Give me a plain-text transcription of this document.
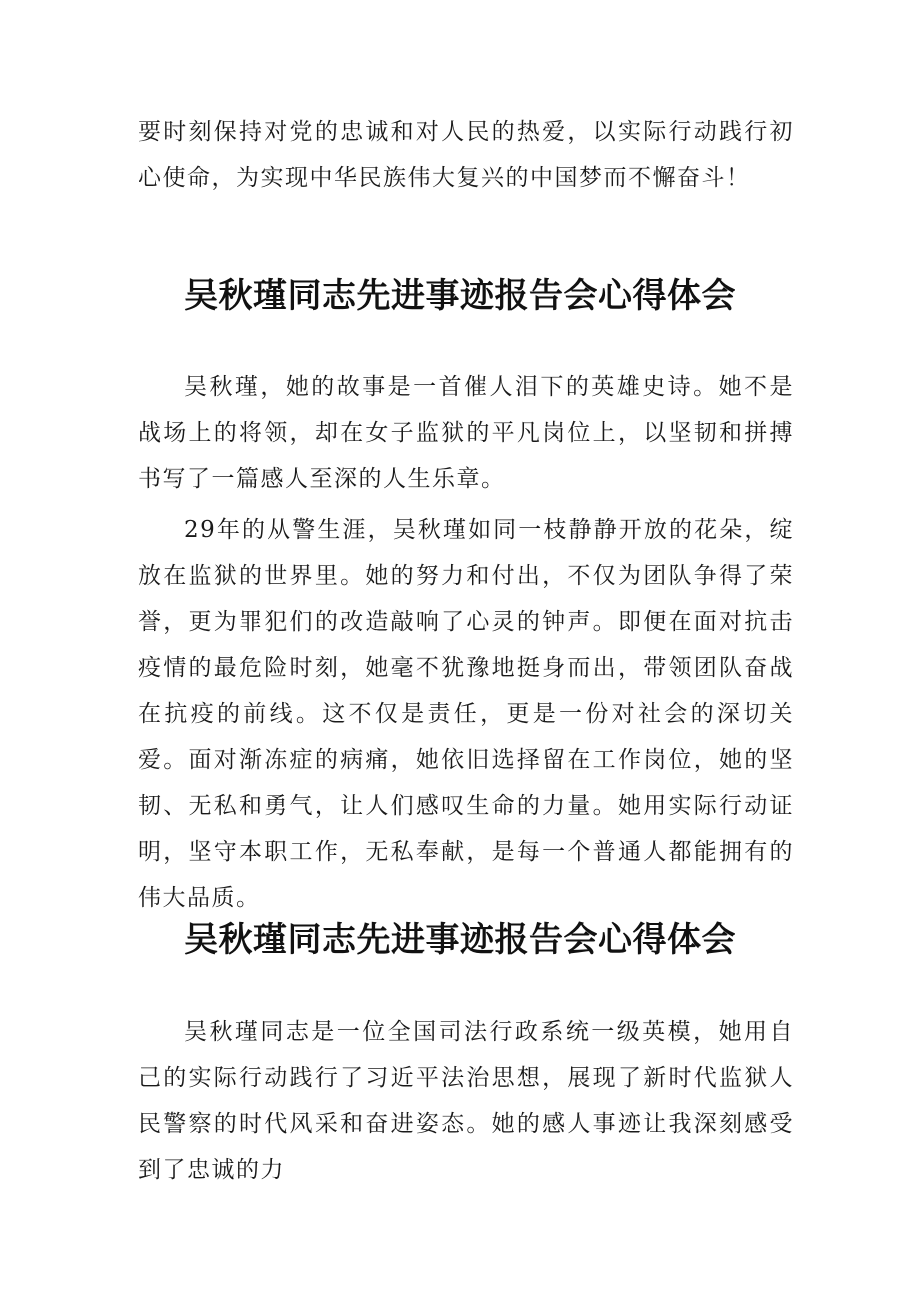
要时刻保持对党的忠诚和对人民的热爱，以实际行动践行初心使命，为实现中华民族伟大复兴的中国梦而不懈奋斗！

吴秋瑾同志先进事迹报告会心得体会

吴秋瑾，她的故事是一首催人泪下的英雄史诗。她不是战场上的将领，却在女子监狱的平凡岗位上，以坚韧和拼搏书写了一篇感人至深的人生乐章。

29年的从警生涯，吴秋瑾如同一枝静静开放的花朵，绽放在监狱的世界里。她的努力和付出，不仅为团队争得了荣誉，更为罪犯们的改造敲响了心灵的钟声。即便在面对抗击疫情的最危险时刻，她毫不犹豫地挺身而出，带领团队奋战在抗疫的前线。这不仅是责任，更是一份对社会的深切关爱。面对渐冻症的病痛，她依旧选择留在工作岗位，她的坚韧、无私和勇气，让人们感叹生命的力量。她用实际行动证明，坚守本职工作，无私奉献，是每一个普通人都能拥有的伟大品质。

吴秋瑾同志先进事迹报告会心得体会

吴秋瑾同志是一位全国司法行政系统一级英模，她用自己的实际行动践行了习近平法治思想，展现了新时代监狱人民警察的时代风采和奋进姿态。她的感人事迹让我深刻感受到了忠诚的力
